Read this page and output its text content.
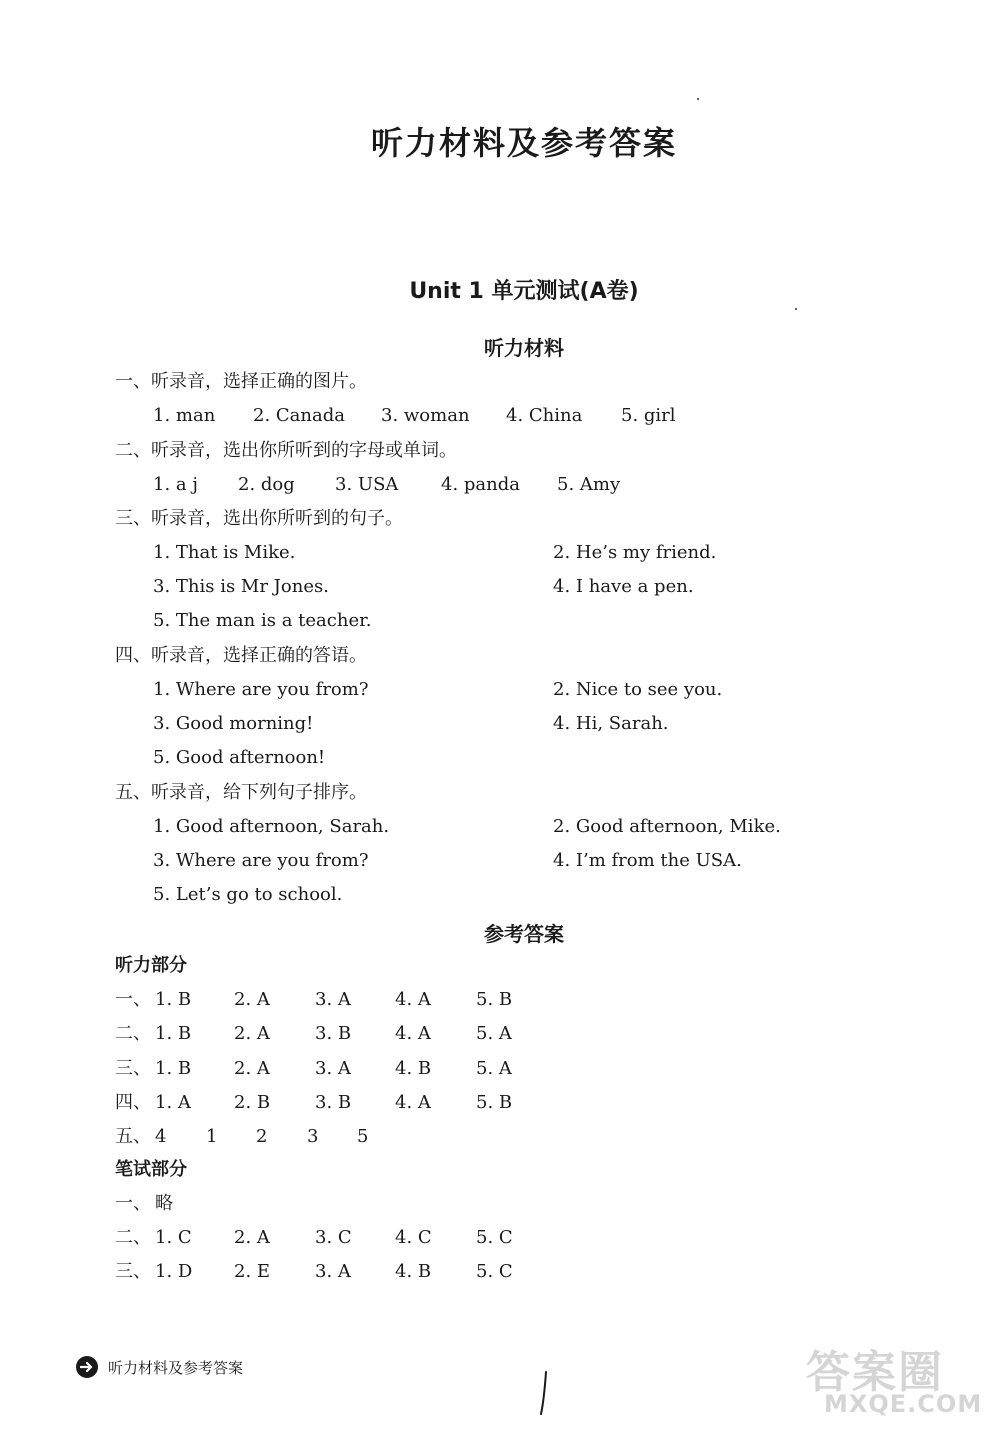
听力材料及参考答案
Unit 1 单元测试(A卷)
听力材料
一、听录音，选择正确的图片。
1. man 2. Canada 3. woman 4. China 5. girl
二、听录音，选出你所听到的字母或单词。
1. a j 2. dog 3. USA 4. panda 5. Amy
三、听录音，选出你所听到的句子。
1. That is Mike.	2. He’s my friend.
3. This is Mr Jones.	4. I have a pen.
5. The man is a teacher.
四、听录音，选择正确的答语。
1. Where are you from?	2. Nice to see you.
3. Good morning!	4. Hi, Sarah.
5. Good afternoon!
五、听录音，给下列句子排序。
1. Good afternoon, Sarah.	2. Good afternoon, Mike.
3. Where are you from?	4. I’m from the USA.
5. Let’s go to school.
参考答案
听力部分
一、 1. B 2. A	3. A 4. A	5. B
二、 1. B 2. A	3. B 4. A	5. A
三、 1. B 2. A	3. A 4. B 5. A
四、 1. A 2. B 3. B 4. A	5. B
五、 4 1 2 3 5
笔试部分
一、 略
二、 1. C 2. A	3. C 4. C 5. C
三、 1. D 2. E 3. A 4. B 5. C
听力材料及参考答案	答案圈
MXQE.COM
